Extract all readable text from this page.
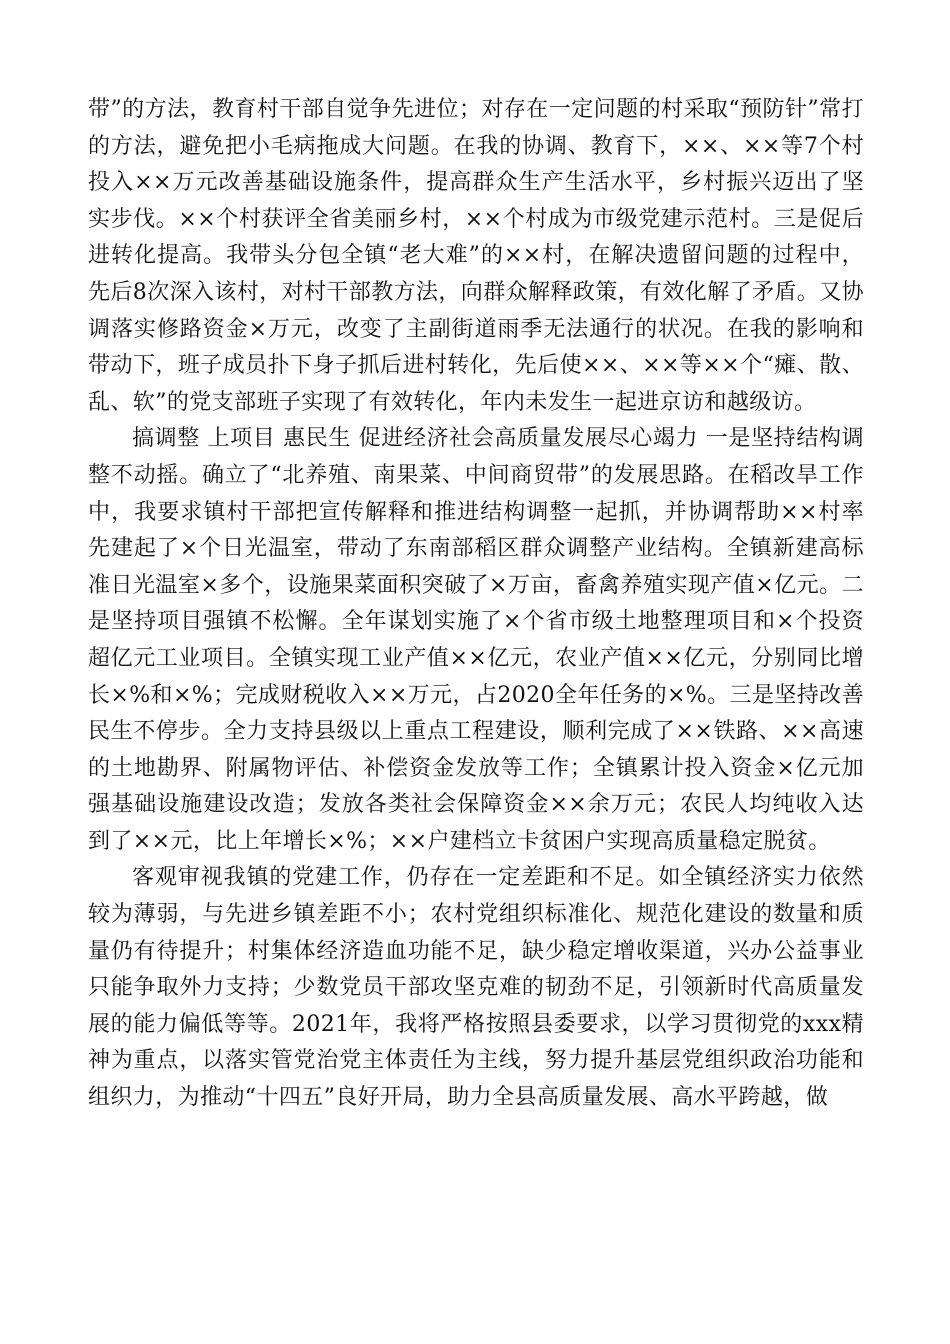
带”的方法，教育村干部自觉争先进位；对存在一定问题的村采取“预防针”常打的方法，避免把小毛病拖成大问题。在我的协调、教育下，××、××等7个村投入××万元改善基础设施条件，提高群众生产生活水平，乡村振兴迈出了坚实步伐。××个村获评全省美丽乡村，××个村成为市级党建示范村。三是促后进转化提高。我带头分包全镇“老大难”的××村，在解决遗留问题的过程中，先后8次深入该村，对村干部教方法，向群众解释政策，有效化解了矛盾。又协调落实修路资金×万元，改变了主副街道雨季无法通行的状况。在我的影响和带动下，班子成员扑下身子抓后进村转化，先后使××、××等××个“瘫、散、乱、软”的党支部班子实现了有效转化，年内未发生一起进京访和越级访。

搞调整 上项目 惠民生 促进经济社会高质量发展尽心竭力 一是坚持结构调整不动摇。确立了“北养殖、南果菜、中间商贸带”的发展思路。在稻改旱工作中，我要求镇村干部把宣传解释和推进结构调整一起抓，并协调帮助××村率先建起了×个日光温室，带动了东南部稻区群众调整产业结构。全镇新建高标准日光温室×多个，设施果菜面积突破了×万亩，畜禽养殖实现产值×亿元。二是坚持项目强镇不松懈。全年谋划实施了×个省市级土地整理项目和×个投资超亿元工业项目。全镇实现工业产值××亿元，农业产值××亿元，分别同比增长×%和×%；完成财税收入××万元，占2020全年任务的×%。三是坚持改善民生不停步。全力支持县级以上重点工程建设，顺利完成了××铁路、××高速的土地勘界、附属物评估、补偿资金发放等工作；全镇累计投入资金×亿元加强基础设施建设改造；发放各类社会保障资金××余万元；农民人均纯收入达到了××元，比上年增长×%；××户建档立卡贫困户实现高质量稳定脱贫。

客观审视我镇的党建工作，仍存在一定差距和不足。如全镇经济实力依然较为薄弱，与先进乡镇差距不小；农村党组织标准化、规范化建设的数量和质量仍有待提升；村集体经济造血功能不足，缺少稳定增收渠道，兴办公益事业只能争取外力支持；少数党员干部攻坚克难的韧劲不足，引领新时代高质量发展的能力偏低等等。2021年，我将严格按照县委要求，以学习贯彻党的xxx精神为重点，以落实管党治党主体责任为主线，努力提升基层党组织政治功能和组织力，为推动“十四五”良好开局，助力全县高质量发展、高水平跨越，做
